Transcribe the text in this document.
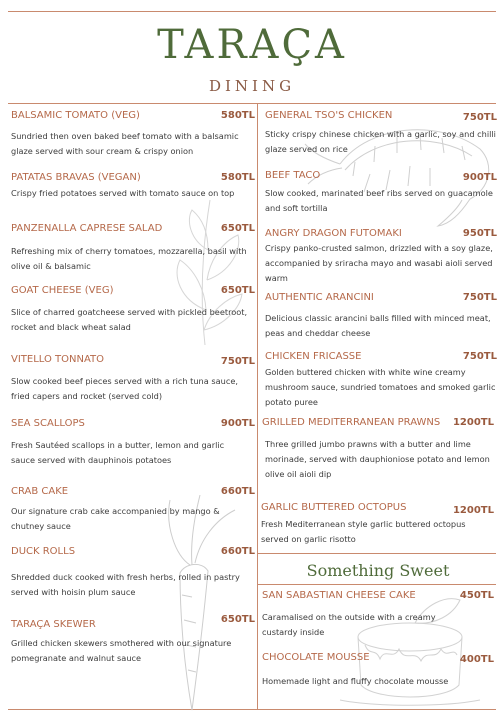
TARAÇA
DINING
BALSAMIC TOMATO (VEG)	580TL
Sundried then oven baked beef tomato with a balsamic glaze served with sour cream & crispy onion
PATATAS BRAVAS (VEGAN)	580TL
Crispy fried potatoes served with tomato sauce on top
PANZENALLA CAPRESE SALAD	650TL
Refreshing mix of cherry tomatoes, mozzarella, basil with olive oil & balsamic
GOAT CHEESE (VEG)	650TL
Slice of charred goatcheese served with pickled beetroot, rocket and black wheat salad
VITELLO TONNATO	750TL
Slow cooked beef pieces served with a rich tuna sauce, fried capers and rocket (served cold)
SEA SCALLOPS	900TL
Fresh Sautéed scallops in a butter, lemon and garlic sauce served with dauphinois potatoes
CRAB CAKE	660TL
Our signature crab cake accompanied by mango & chutney sauce
DUCK ROLLS	660TL
Shredded duck cooked with fresh herbs, rolled in pastry served with hoisin plum sauce
TARAÇA SKEWER	650TL
Grilled chicken skewers smothered with our signature pomegranate and walnut sauce
GENERAL TSO'S CHICKEN	750TL
Sticky crispy chinese chicken with a garlic, soy and chilli glaze served on rice
BEEF TACO	900TL
Slow cooked, marinated beef ribs served on guacamole and soft tortilla
ANGRY DRAGON FUTOMAKI	950TL
Crispy panko-crusted salmon, drizzled with a soy glaze, accompanied by sriracha mayo and wasabi aioli served warm
AUTHENTIC ARANCINI	750TL
Delicious classic arancini balls filled with minced meat, peas and cheddar cheese
CHICKEN FRICASSE	750TL
Golden buttered chicken with white wine creamy mushroom sauce, sundried tomatoes and smoked garlic potato puree
GRILLED MEDITERRANEAN PRAWNS 1200TL
Three grilled jumbo prawns with a butter and lime morinade, served with dauphioniose potato and lemon olive oil aioli dip
GARLIC BUTTERED OCTOPUS	1200TL
Fresh Mediterranean style garlic buttered octopus served on garlic risotto
Something Sweet
SAN SABASTIAN CHEESE CAKE	450TL
Caramalised on the outside with a creamy custardy inside
CHOCOLATE MOUSSE	400TL
Homemade light and fluffy chocolate mousse
